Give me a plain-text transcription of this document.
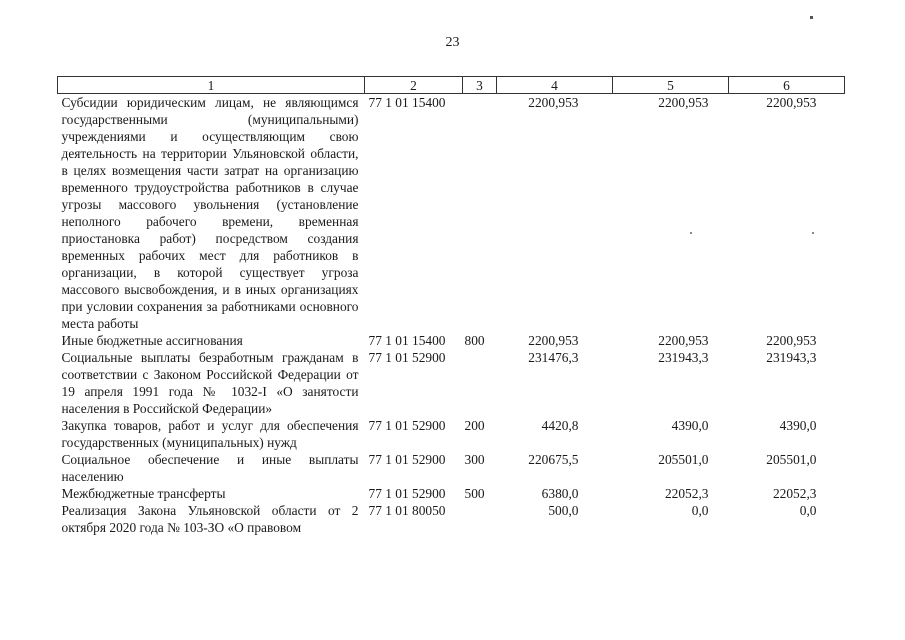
23
1	2	3	4	5	6
Субсидии юридическим лицам, не являющимся государственными (муниципальными) учреждениями и осуществляющим свою деятельность на территории Ульяновской области, в целях возмещения части затрат на организацию временного трудоустройства работников в случае угрозы массового увольнения (установление неполного рабочего времени, временная приостановка работ) посредством создания временных рабочих мест для работников в организации, в которой существует угроза массового высвобождения, и в иных организациях при условии сохранения за работниками основного места работы	77 1 01 15400		2200,953	2200,953	2200,953
Иные бюджетные ассигнования	77 1 01 15400	800	2200,953	2200,953	2200,953
Социальные выплаты безработным гражданам в соответствии с Законом Российской Федерации от 19 апреля 1991 года № 1032-I «О занятости населения в Российской Федерации»	77 1 01 52900		231476,3	231943,3	231943,3
Закупка товаров, работ и услуг для обеспечения государственных (муниципальных) нужд	77 1 01 52900	200	4420,8	4390,0	4390,0
Социальное обеспечение и иные выплаты населению	77 1 01 52900	300	220675,5	205501,0	205501,0
Межбюджетные трансферты	77 1 01 52900	500	6380,0	22052,3	22052,3
Реализация Закона Ульяновской области от 2 октября 2020 года № 103-ЗО «О правовом	77 1 01 80050		500,0	0,0	0,0
